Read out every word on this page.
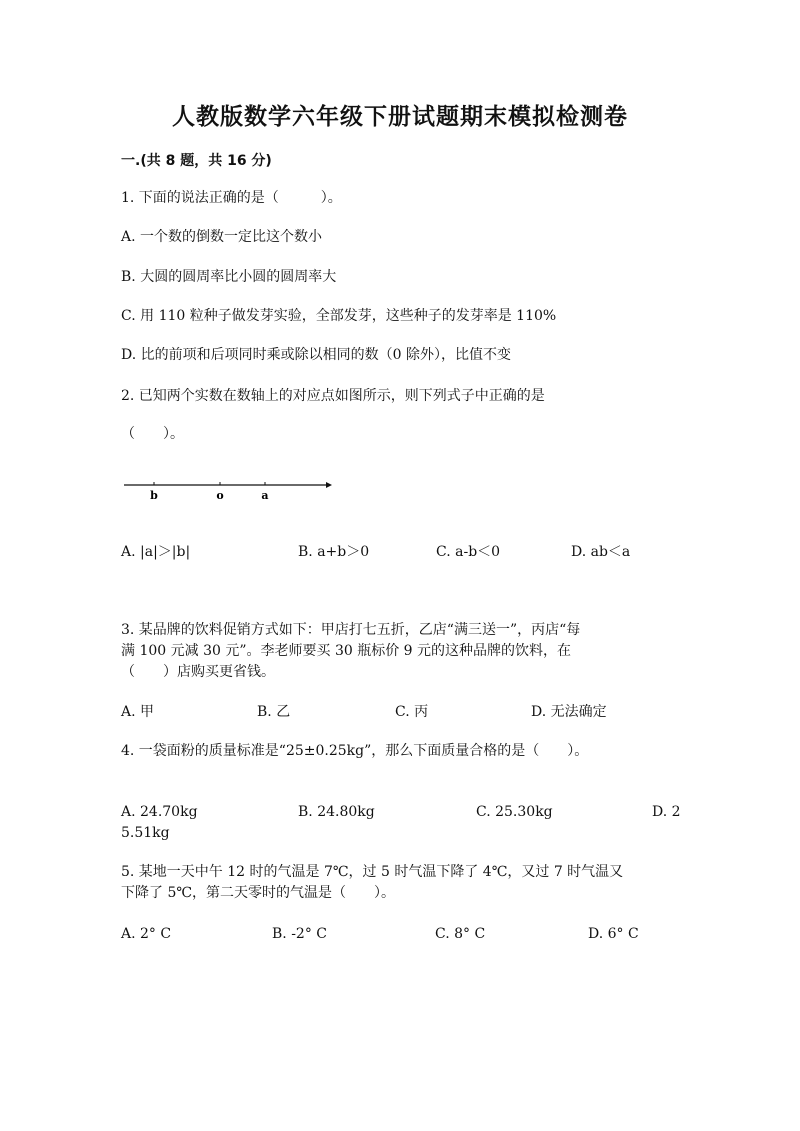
人教版数学六年级下册试题期末模拟检测卷
一.(共 8 题，共 16 分)
1. 下面的说法正确的是（　　　）。
A. 一个数的倒数一定比这个数小
B. 大圆的圆周率比小圆的圆周率大
C. 用 110 粒种子做发芽实验，全部发芽，这些种子的发芽率是 110%
D. 比的前项和后项同时乘或除以相同的数（0 除外），比值不变
2. 已知两个实数在数轴上的对应点如图所示，则下列式子中正确的是
（　　）。
b	o	a
A. |a|＞|b|	B. a+b＞0	C. a-b＜0	D. ab＜a
3. 某品牌的饮料促销方式如下：甲店打七五折，乙店“满三送一”，丙店“每
满 100 元减 30 元”。李老师要买 30 瓶标价 9 元的这种品牌的饮料，在
（　　）店购买更省钱。
A. 甲	B. 乙	C. 丙	D. 无法确定
4. 一袋面粉的质量标准是“25±0.25kg”，那么下面质量合格的是（　　）。
A. 24.70kg	B. 24.80kg	C. 25.30kg	D. 2
5.51kg
5. 某地一天中午 12 时的气温是 7℃，过 5 时气温下降了 4℃，又过 7 时气温又
下降了 5℃，第二天零时的气温是（　　）。
A. 2° C	B. -2° C	C. 8° C	D. 6° C
